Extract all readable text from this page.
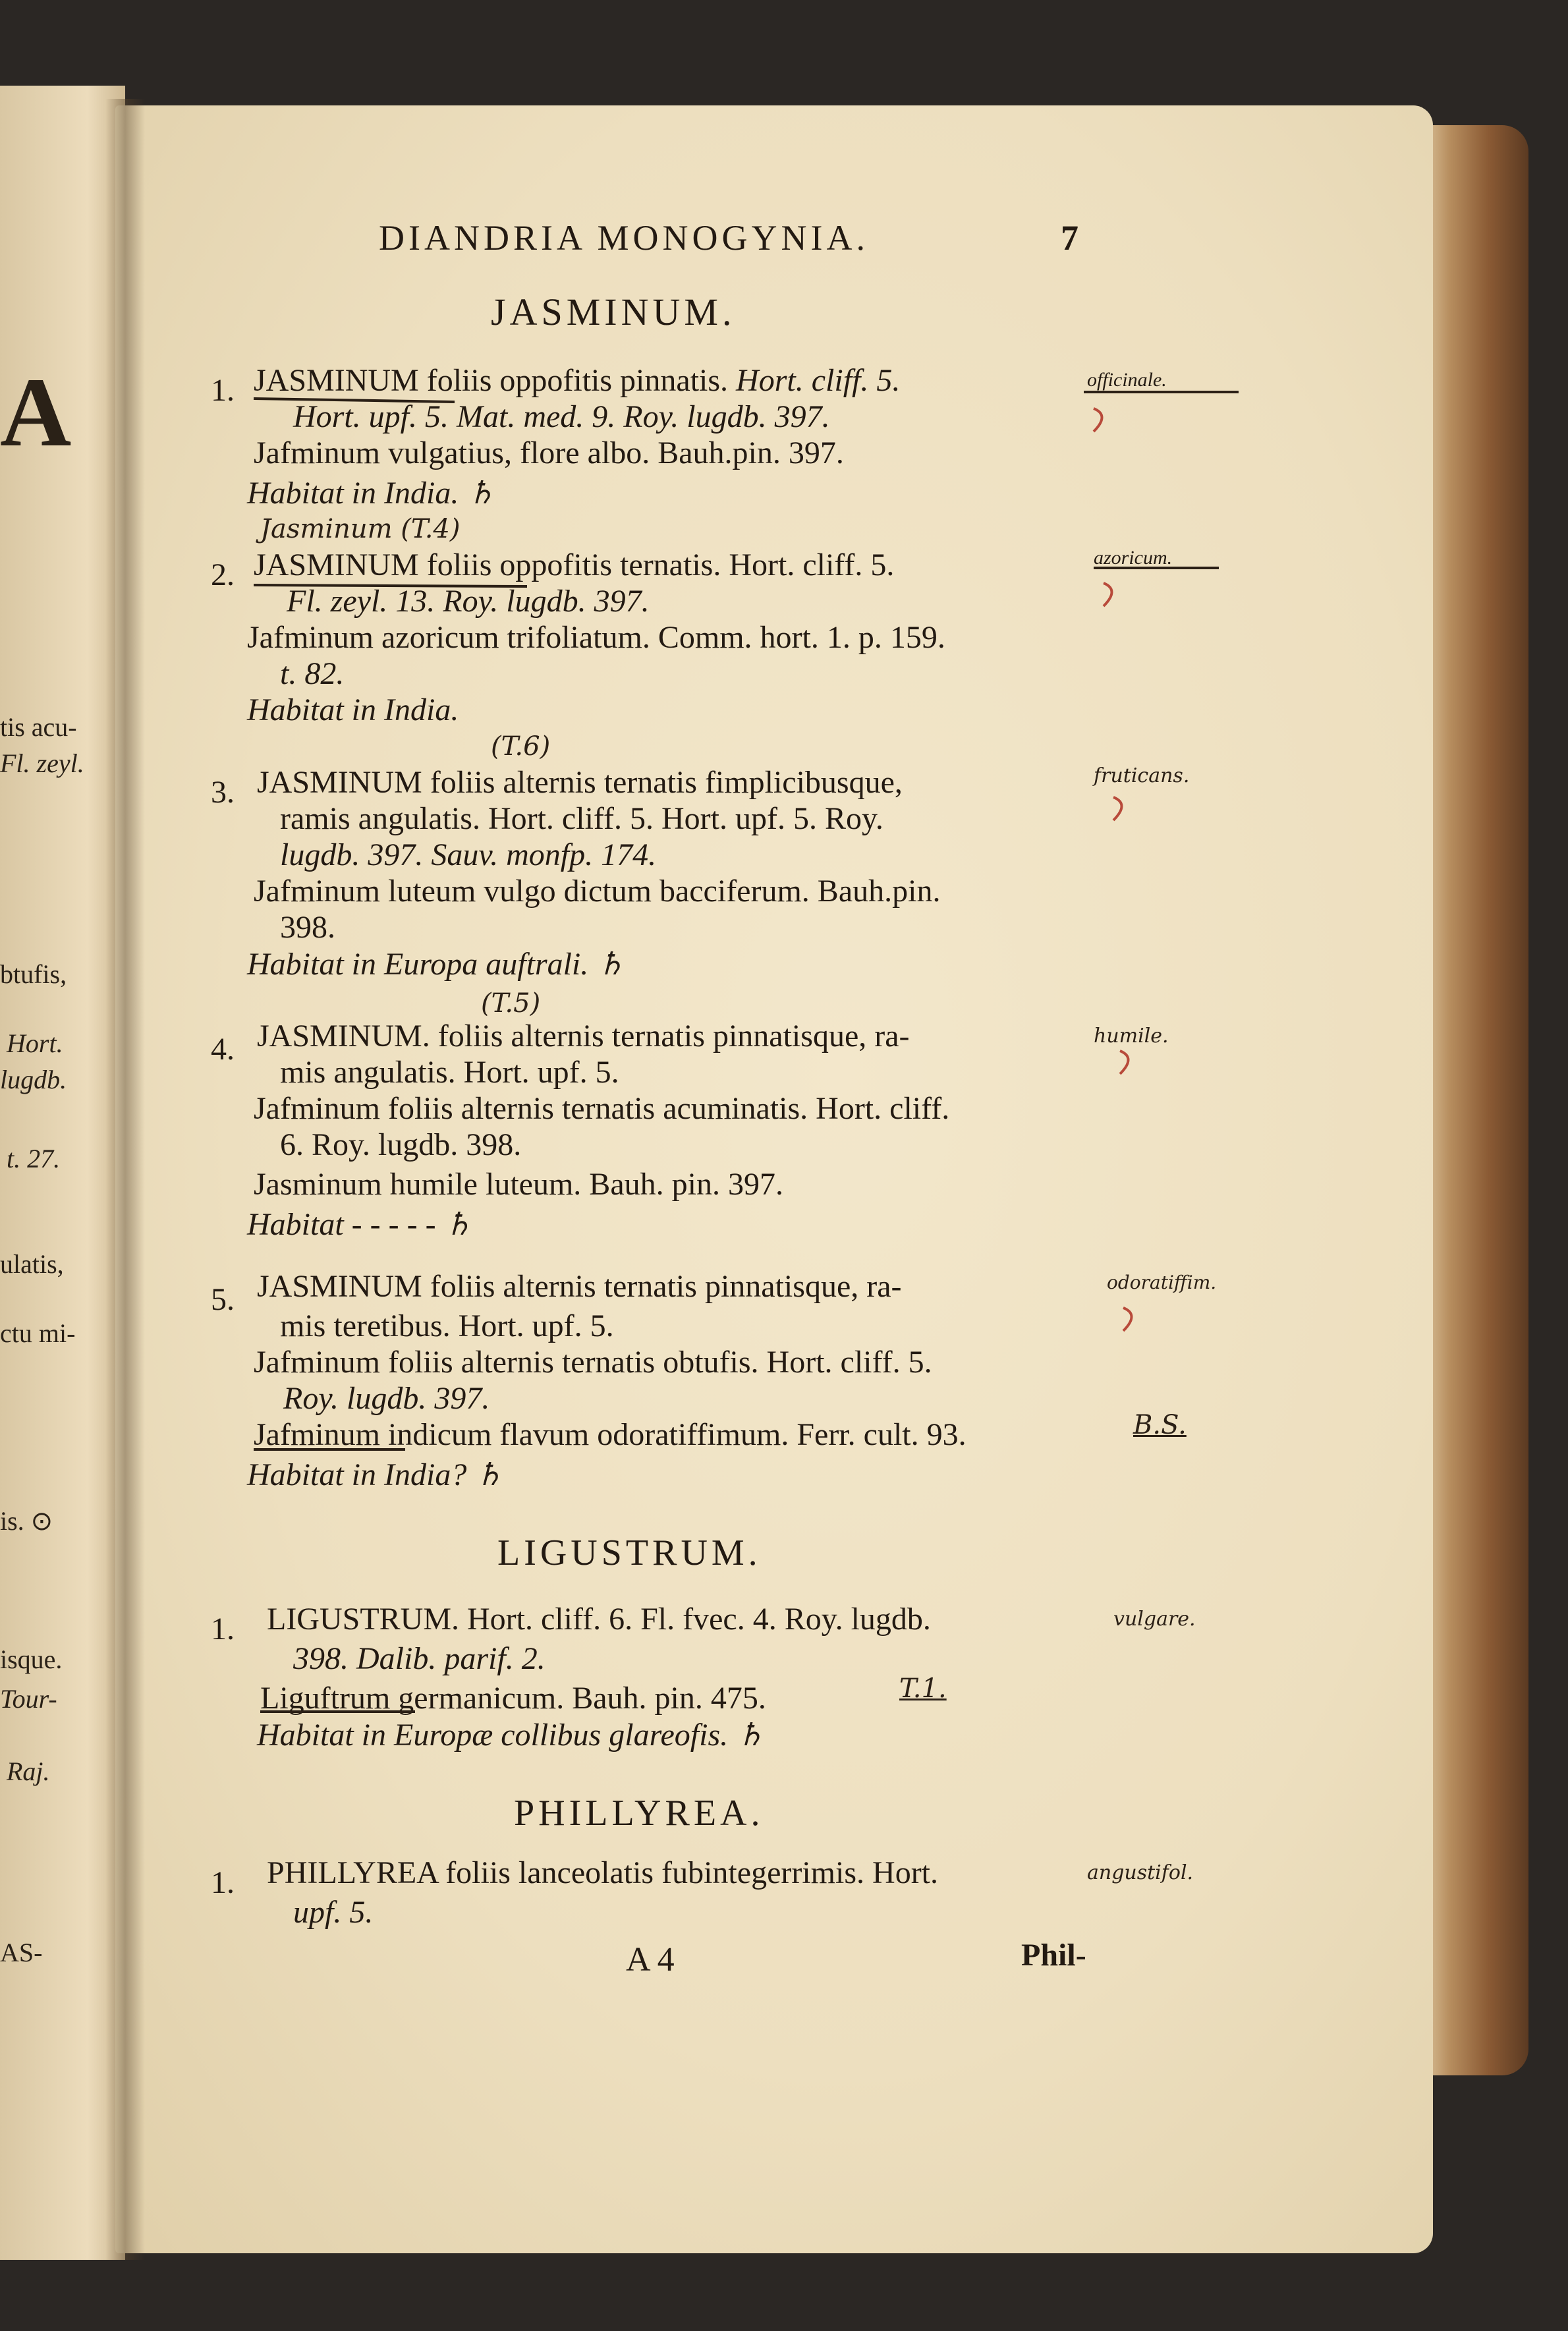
A
tis acu-
Fl. zeyl.
btufis,
Hort.
lugdb.
t. 27.
ulatis,
ctu mi-
is. ⊙
isque.
Tour-
Raj.
AS-
DIANDRIA MONOGYNIA.	7
JASMINUM.
1. JASMINUM foliis oppofitis pinnatis. Hort. cliff. 5.	officinale.
Hort. upf. 5. Mat. med. 9. Roy. lugdb. 397.
Jafminum vulgatius, flore albo. Bauh.pin. 397.
Habitat in India. ♄
Jasminum (T.4)
2. JASMINUM foliis oppofitis ternatis. Hort. cliff. 5.	azoricum.
Fl. zeyl. 13. Roy. lugdb. 397.
Jafminum azoricum trifoliatum. Comm. hort. 1. p. 159.
t. 82.
Habitat in India.
(T.6)
3. JASMINUM foliis alternis ternatis fimplicibusque,	fruticans.
ramis angulatis. Hort. cliff. 5. Hort. upf. 5. Roy.
lugdb. 397. Sauv. monfp. 174.
Jafminum luteum vulgo dictum bacciferum. Bauh.pin.
398.
Habitat in Europa auftrali. ♄
(T.5)
4. JASMINUM. foliis alternis ternatis pinnatisque, ra-	humile.
mis angulatis. Hort. upf. 5.
Jafminum foliis alternis ternatis acuminatis. Hort. cliff.
6. Roy. lugdb. 398.
Jasminum humile luteum. Bauh. pin. 397.
Habitat - - - - - ♄
5. JASMINUM foliis alternis ternatis pinnatisque, ra-	odoratiffim.
mis teretibus. Hort. upf. 5.
Jafminum foliis alternis ternatis obtufis. Hort. cliff. 5.
Roy. lugdb. 397.
Jafminum indicum flavum odoratiffimum. Ferr. cult. 93.	B.S.
Habitat in India? ♄
LIGUSTRUM.
1. LIGUSTRUM. Hort. cliff. 6. Fl. fvec. 4. Roy. lugdb.	vulgare.
398. Dalib. parif. 2.
Liguftrum germanicum. Bauh. pin. 475.	T.1.
Habitat in Europæ collibus glareofis. ♄
PHILLYREA.
1. PHILLYREA foliis lanceolatis fubintegerrimis. Hort.	angustifol.
upf. 5.
A 4	Phil-
